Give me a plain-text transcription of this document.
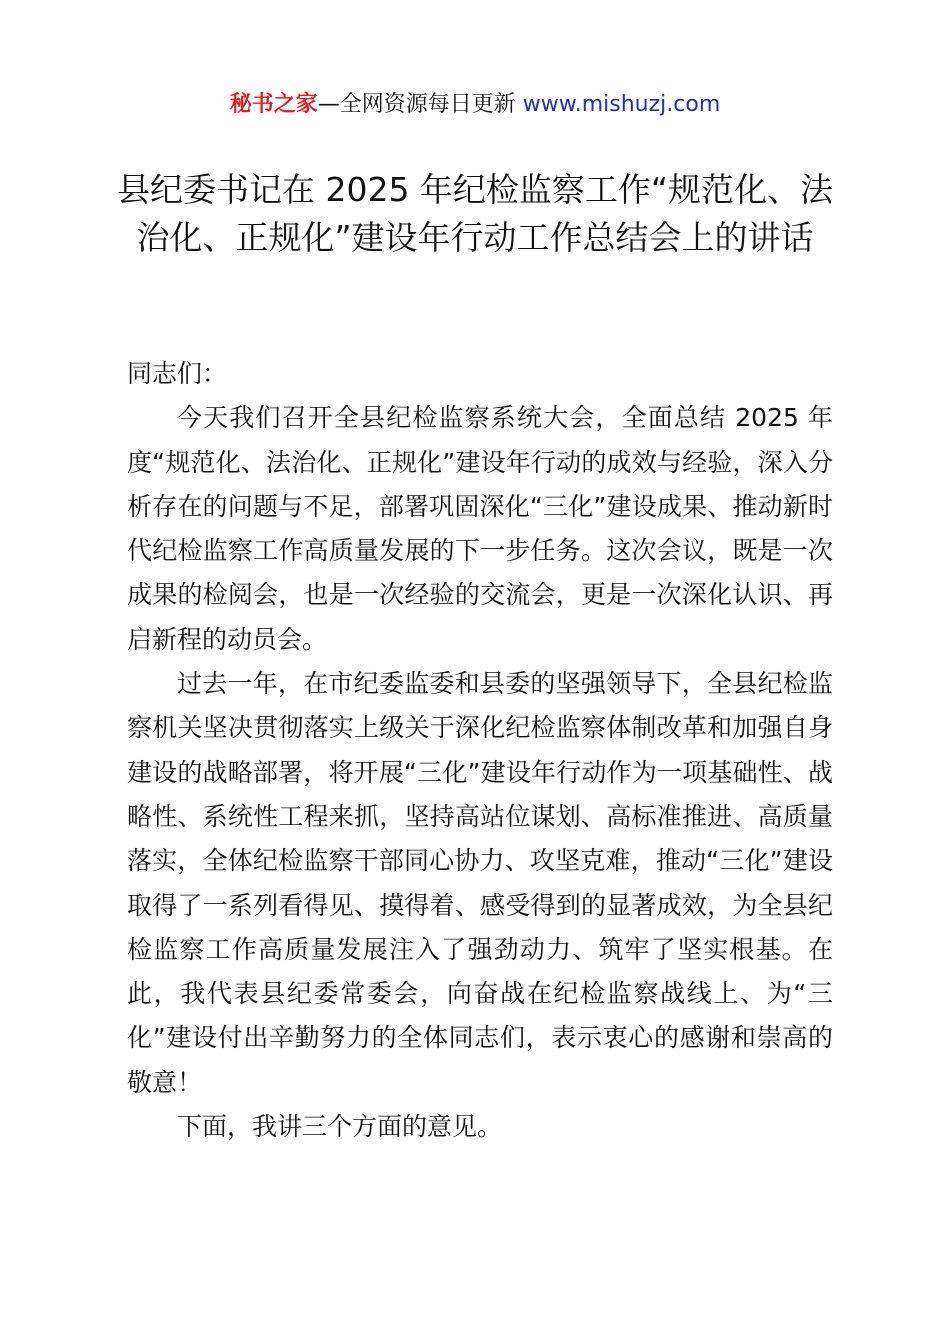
秘书之家—全网资源每日更新 www.mishuzj.com
县纪委书记在 2025 年纪检监察工作“规范化、法治化、正规化”建设年行动工作总结会上的讲话

同志们：

今天我们召开全县纪检监察系统大会，全面总结 2025 年度“规范化、法治化、正规化”建设年行动的成效与经验，深入分析存在的问题与不足，部署巩固深化“三化”建设成果、推动新时代纪检监察工作高质量发展的下一步任务。这次会议，既是一次成果的检阅会，也是一次经验的交流会，更是一次深化认识、再启新程的动员会。

过去一年，在市纪委监委和县委的坚强领导下，全县纪检监察机关坚决贯彻落实上级关于深化纪检监察体制改革和加强自身建设的战略部署，将开展“三化”建设年行动作为一项基础性、战略性、系统性工程来抓，坚持高站位谋划、高标准推进、高质量落实，全体纪检监察干部同心协力、攻坚克难，推动“三化”建设取得了一系列看得见、摸得着、感受得到的显著成效，为全县纪检监察工作高质量发展注入了强劲动力、筑牢了坚实根基。在此，我代表县纪委常委会，向奋战在纪检监察战线上、为“三化”建设付出辛勤努力的全体同志们，表示衷心的感谢和崇高的敬意！

下面，我讲三个方面的意见。
